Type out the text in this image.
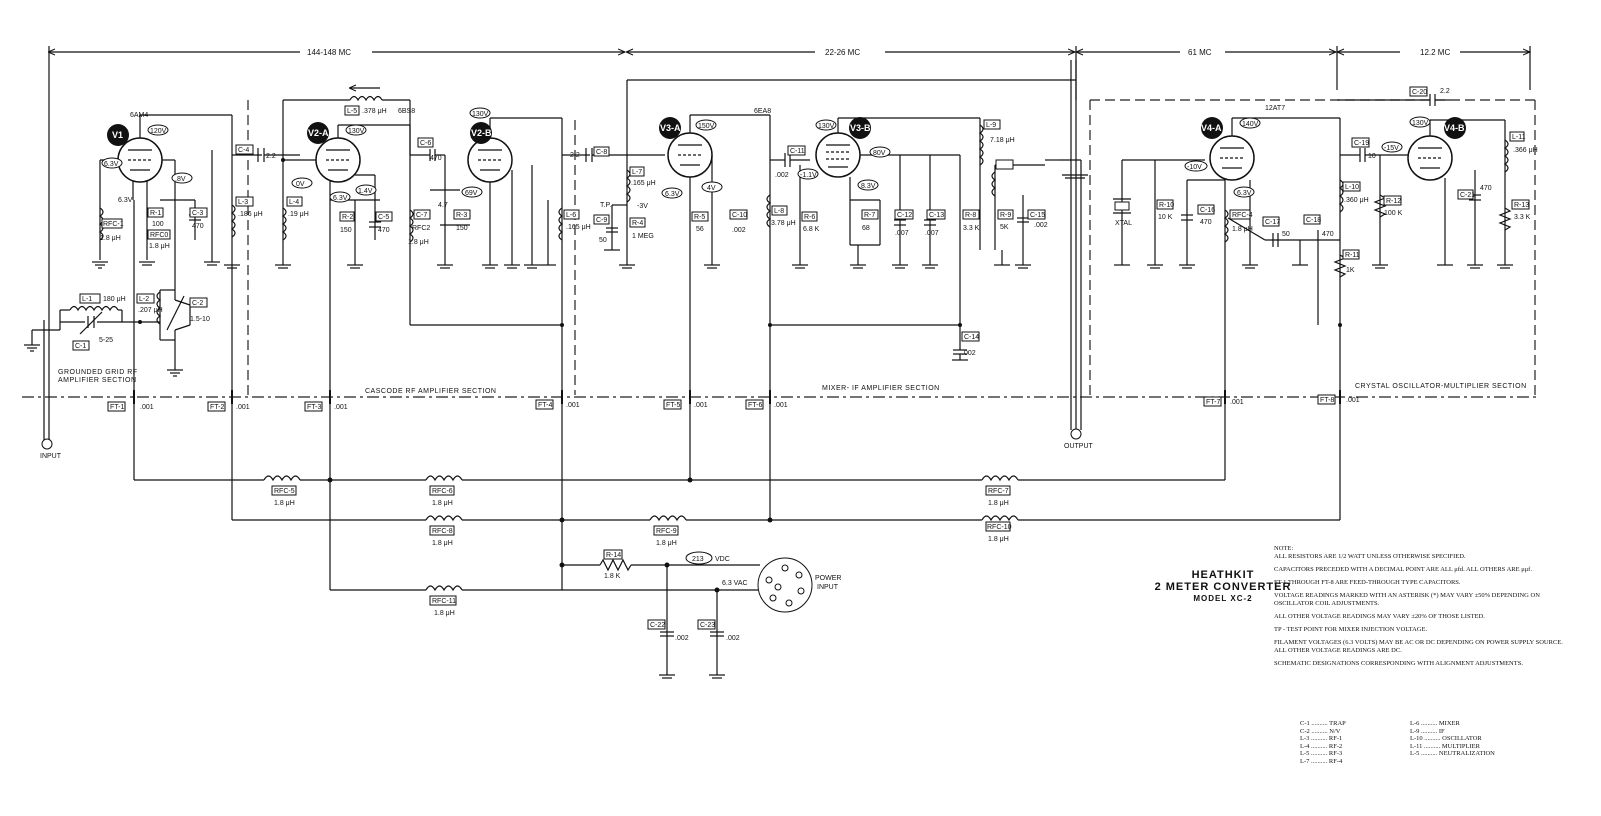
144-148 MC	22-26 MC	61 MC	12.2 MC
GROUNDED GRID RF
AMPLIFIER SECTION
CASCODE RF AMPLIFIER SECTION	MIXER- IF AMPLIFIER SECTION	CRYSTAL OSCILLATOR-MULTIPLIER SECTION
INPUT
L-1 180 μH
C-1
5-25
L-2
.207 μH
C-2
1.5-10
V1
6AM4
120V
6.3V
.8V
6.3V
RFC-1
1.8 μH
R-1
100
RFC0
1.8 μH
C-3
470
C-4
2.2
L-3
.186 μH
L-4
.19 μH
0V
L-5 .378 μH 6BS8
V2-A	130V
6.3V
1.4V
R-2
150
C-5
470
C-6
470
C-7
4.7
RFC2
1.8 μH
R-3
150
V2-B
130V
69V
2.2 C-8
L-6
.165 μH
L-7
.165 μH
T.P.	-3V
C-9
50
R-4
1 MEG
V3-A
6EA8
150V
6.3V
4V
R-5
56
C-10
.002
C-11
.002
L-8
3.78 μH
R-6
6.8 K
V3-B
130V
80V
8.3V
-1.1V
R-7
68
C-12
.007
C-13
.007
R-8
3.3 K
C-14
.002
L-9
7.18 μH
R-9
5K
C-15
.002
OUTPUT
XTAL
R-10
10 K
C-16
470
V4-A
12AT7
140V
-10V
6.3V
RFC-4
1.8 μH
C-17
50
C-18
470
L-10
.360 μH
R-11
1K
C-19
10
R-12
100 K
-15V
C-20 2.2
V4-B
130V
C-21
470
L-11
.366 μH
R-13
3.3 K
FT-1 .001	FT-2 .001	FT-3 .001	FT-4 .001	FT-5 .001	FT-6 .001	FT-7 .001	FT-8 .001
RFC-5
1.8 μH
RFC-6
1.8 μH
RFC-7
1.8 μH
RFC-8
1.8 μH
RFC-9
1.8 μH
RFC-10
1.8 μH
RFC-11
1.8 μH
R-14
1.8 K
C-22
.002
C-23
.002
213 VDC
6.3 VAC
POWER
INPUT
HEATHKIT
2 METER CONVERTER
MODEL XC-2

NOTE:

ALL RESISTORS ARE 1/2 WATT UNLESS OTHERWISE SPECIFIED.

CAPACITORS PRECEDED WITH A DECIMAL POINT ARE ALL μfd. ALL OTHERS ARE μμf.

FT-1 THROUGH FT-8 ARE FEED-THROUGH TYPE CAPACITORS.

VOLTAGE READINGS MARKED WITH AN ASTERISK (*) MAY VARY ±50% DEPENDING ON OSCILLATOR COIL ADJUSTMENTS.

ALL OTHER VOLTAGE READINGS MAY VARY ±20% OF THOSE LISTED.

TP - TEST POINT FOR MIXER INJECTION VOLTAGE.

FILAMENT VOLTAGES (6.3 VOLTS) MAY BE AC OR DC DEPENDING ON POWER SUPPLY SOURCE. ALL OTHER VOLTAGE READINGS ARE DC.

SCHEMATIC DESIGNATIONS CORRESPONDING WITH ALIGNMENT ADJUSTMENTS.

C-1 .......... TRAP	L-6 .......... MIXER
C-2 .......... N/V	L-9 .......... IF
L-3 .......... RF-1	L-10 .......... OSCILLATOR
L-4 .......... RF-2	L-11 .......... MULTIPLIER
L-5 .......... RF-3	L-5 .......... NEUTRALIZATION
L-7 .......... RF-4
